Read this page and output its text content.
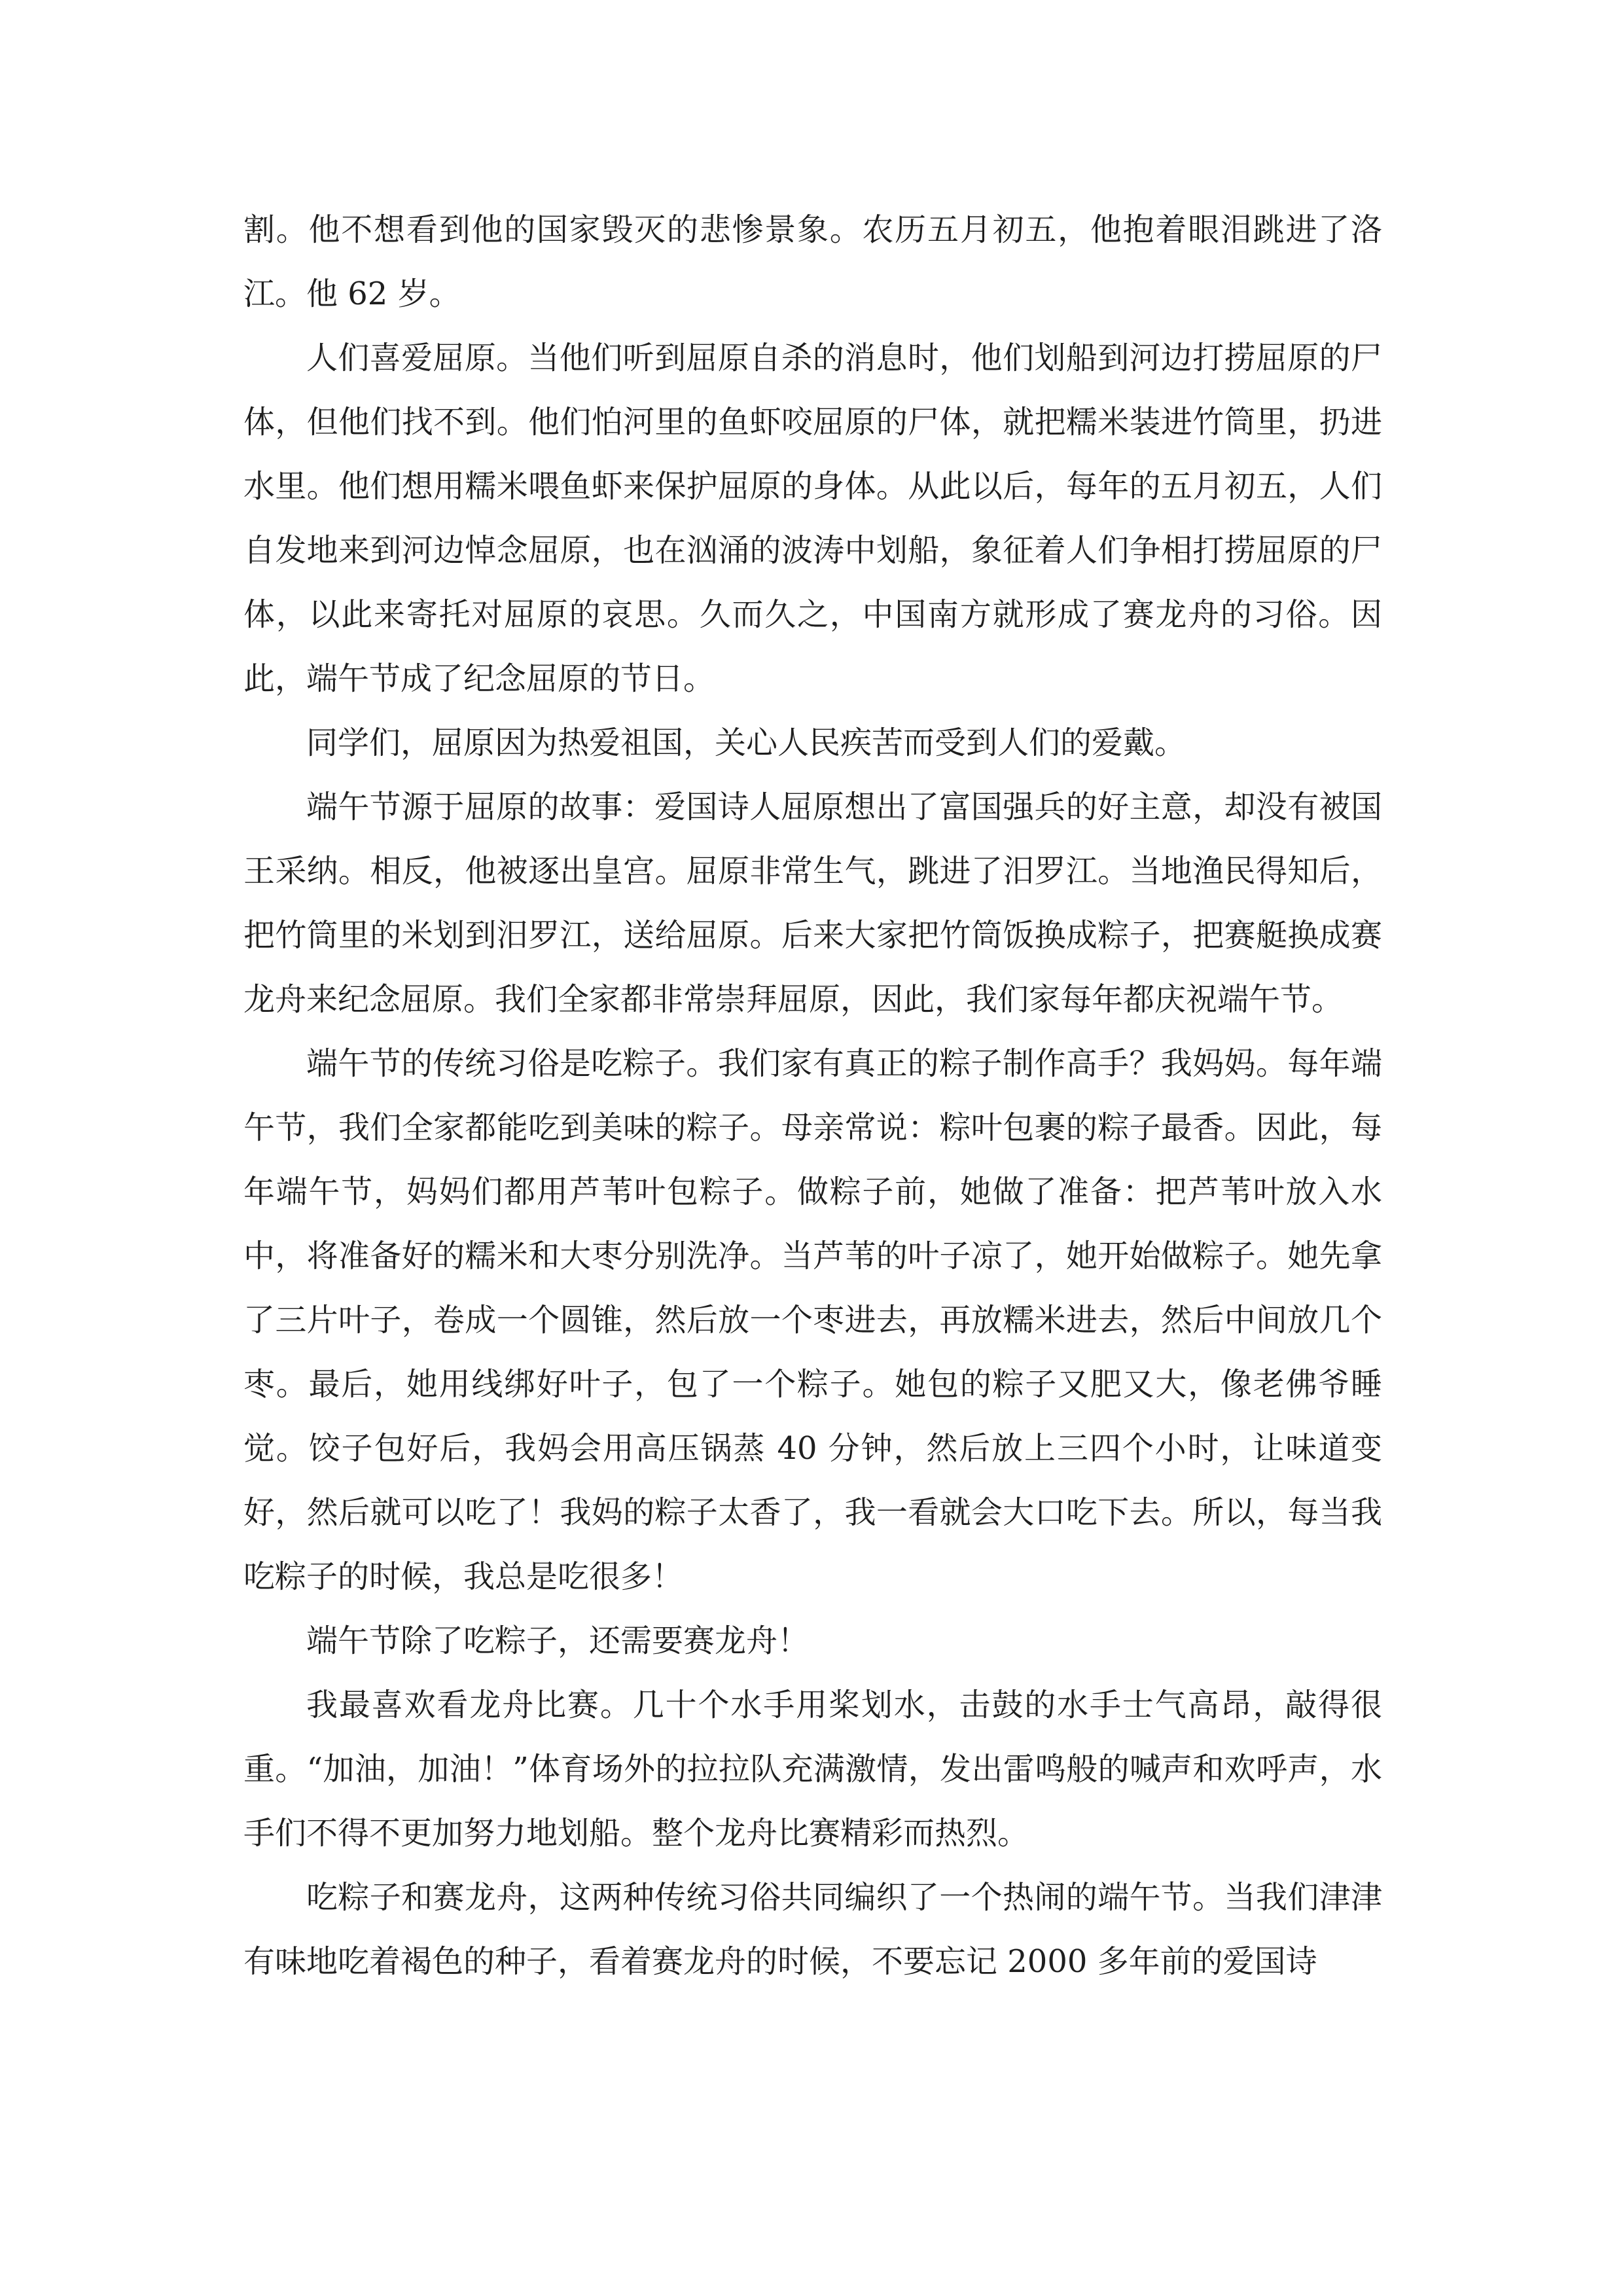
割。他不想看到他的国家毁灭的悲惨景象。农历五月初五，他抱着眼泪跳进了洛江。他 62 岁。

人们喜爱屈原。当他们听到屈原自杀的消息时，他们划船到河边打捞屈原的尸体，但他们找不到。他们怕河里的鱼虾咬屈原的尸体，就把糯米装进竹筒里，扔进水里。他们想用糯米喂鱼虾来保护屈原的身体。从此以后，每年的五月初五，人们自发地来到河边悼念屈原，也在汹涌的波涛中划船，象征着人们争相打捞屈原的尸体，以此来寄托对屈原的哀思。久而久之，中国南方就形成了赛龙舟的习俗。因此，端午节成了纪念屈原的节日。

同学们，屈原因为热爱祖国，关心人民疾苦而受到人们的爱戴。

端午节源于屈原的故事：爱国诗人屈原想出了富国强兵的好主意，却没有被国王采纳。相反，他被逐出皇宫。屈原非常生气，跳进了汨罗江。当地渔民得知后，把竹筒里的米划到汨罗江，送给屈原。后来大家把竹筒饭换成粽子，把赛艇换成赛龙舟来纪念屈原。我们全家都非常崇拜屈原，因此，我们家每年都庆祝端午节。

端午节的传统习俗是吃粽子。我们家有真正的粽子制作高手？我妈妈。每年端午节，我们全家都能吃到美味的粽子。母亲常说：粽叶包裹的粽子最香。因此，每年端午节，妈妈们都用芦苇叶包粽子。做粽子前，她做了准备：把芦苇叶放入水中，将准备好的糯米和大枣分别洗净。当芦苇的叶子凉了，她开始做粽子。她先拿了三片叶子，卷成一个圆锥，然后放一个枣进去，再放糯米进去，然后中间放几个枣。最后，她用线绑好叶子，包了一个粽子。她包的粽子又肥又大，像老佛爷睡觉。饺子包好后，我妈会用高压锅蒸 40 分钟，然后放上三四个小时，让味道变好，然后就可以吃了！我妈的粽子太香了，我一看就会大口吃下去。所以，每当我吃粽子的时候，我总是吃很多！

端午节除了吃粽子，还需要赛龙舟！

我最喜欢看龙舟比赛。几十个水手用桨划水，击鼓的水手士气高昂，敲得很重。“加油，加油！”体育场外的拉拉队充满激情，发出雷鸣般的喊声和欢呼声，水手们不得不更加努力地划船。整个龙舟比赛精彩而热烈。

吃粽子和赛龙舟，这两种传统习俗共同编织了一个热闹的端午节。当我们津津有味地吃着褐色的种子，看着赛龙舟的时候，不要忘记 2000 多年前的爱国诗
